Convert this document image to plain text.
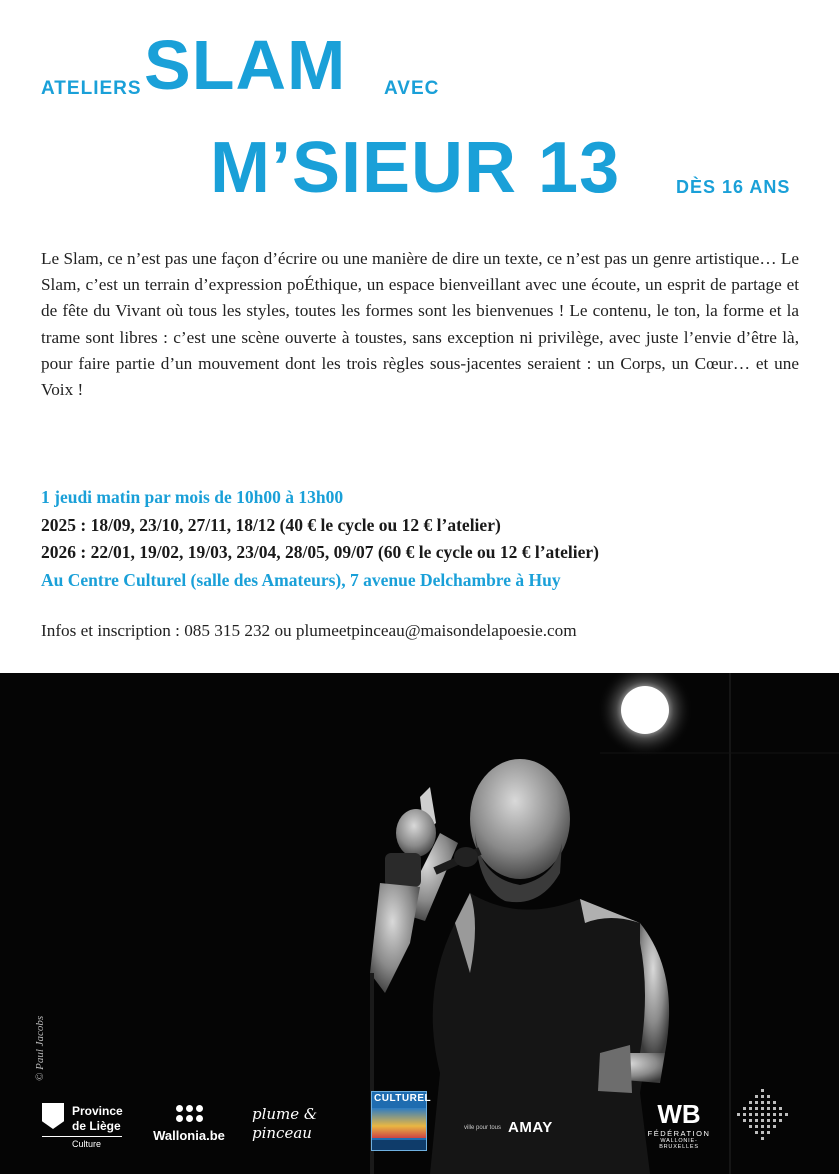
ATELIERS SLAM AVEC
M’SIEUR 13	DÈS 16 ANS

Le Slam, ce n’est pas une façon d’écrire ou une manière de dire un texte, ce n’est pas un genre artistique… Le Slam, c’est un terrain d’expression poÉthique, un espace bienveillant avec une écoute, un esprit de partage et de fête du Vivant où tous les styles, toutes les formes sont les bienvenues ! Le contenu, le ton, la forme et la trame sont libres : c’est une scène ouverte à toustes, sans exception ni privilège, avec juste l’envie d’être là, pour faire partie d’un mouvement dont les trois règles sous-jacentes seraient : un Corps, un Cœur… et une Voix !

1 jeudi matin par mois de 10h00 à 13h00
2025 : 18/09, 23/10, 27/11, 18/12 (40 € le cycle ou 12 € l’atelier)
2026 : 22/01, 19/02, 19/03, 23/04, 28/05, 09/07 (60 € le cycle ou 12 € l’atelier)
Au Centre Culturel (salle des Amateurs), 7 avenue Delchambre à Huy
Infos et inscription : 085 315 232 ou plumeetpinceau@maisondelapoesie.com
© Paul Jacobs
Province
de Liège
Culture
Wallonia.be
plume &
pinceau
CULTUREL
ville pour tous AMAY	WB
FÉDÉRATION
WALLONIE-BRUXELLES
